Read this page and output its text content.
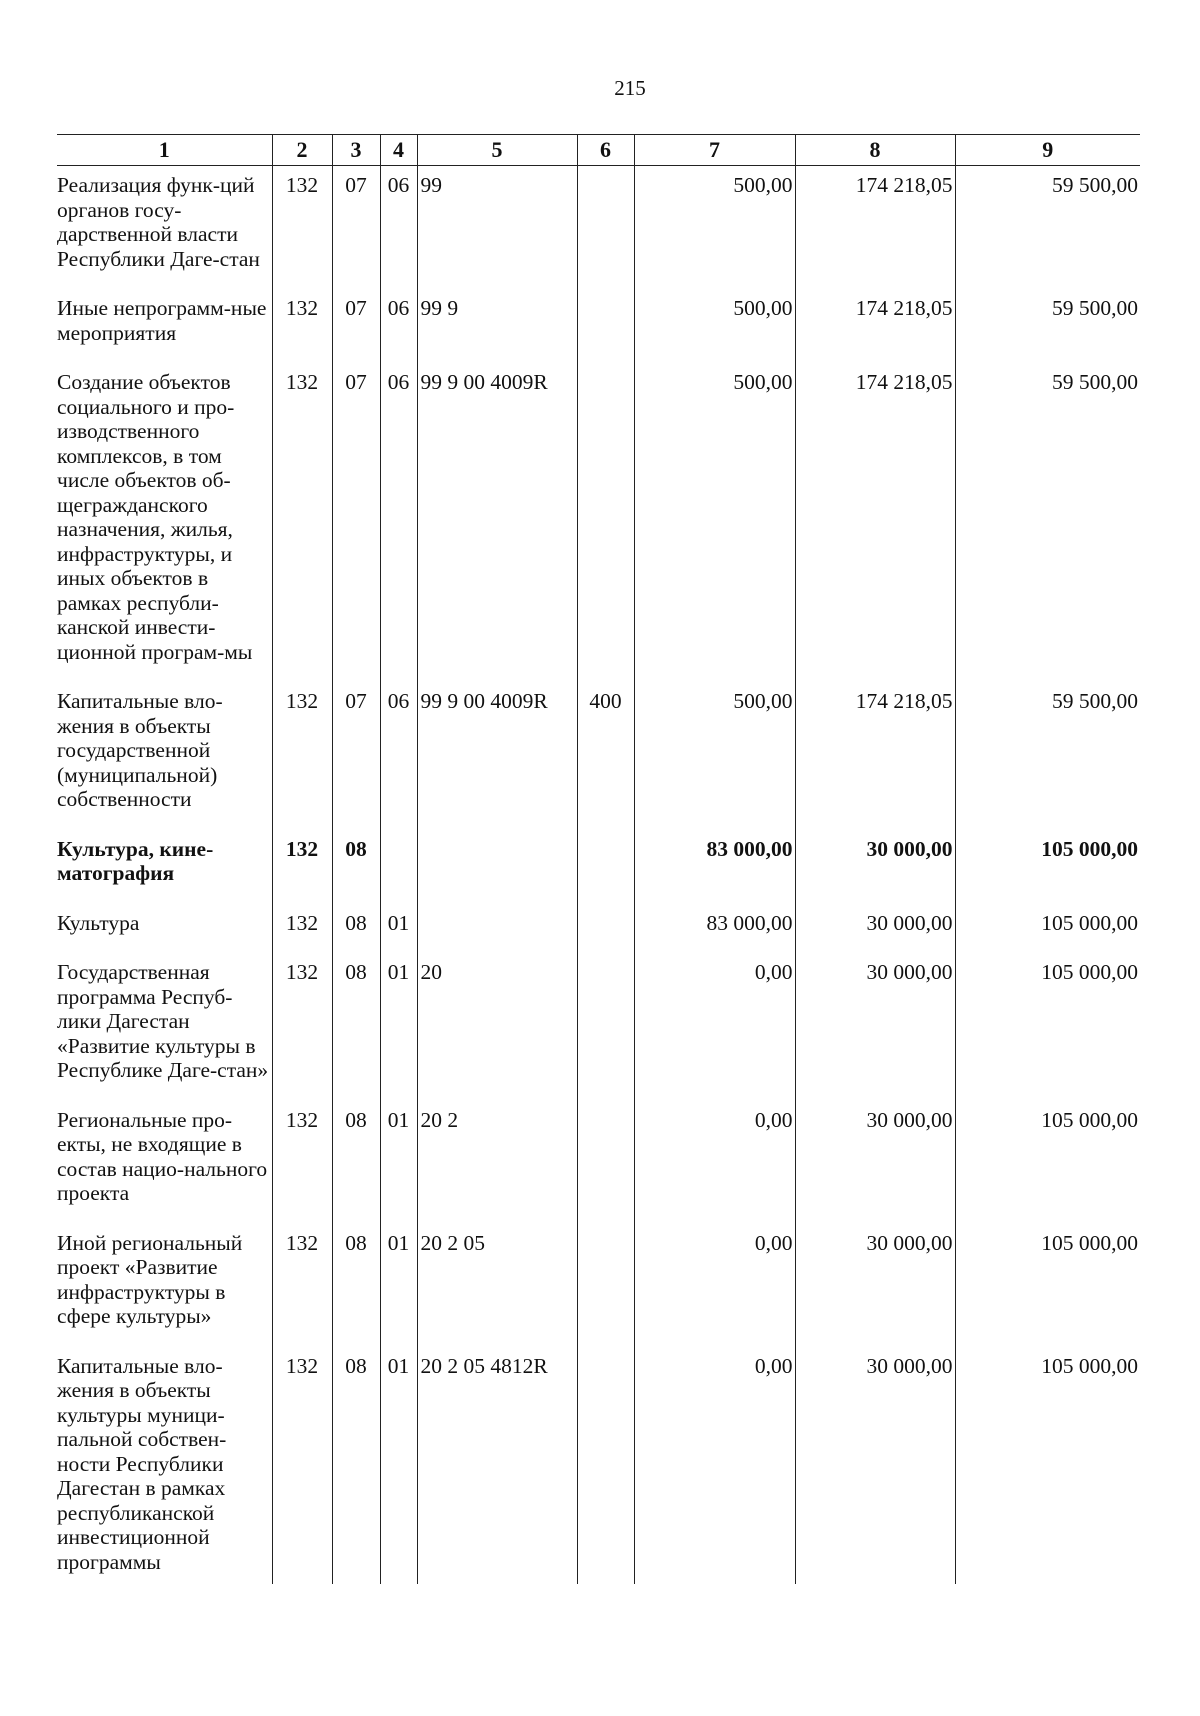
215
1	2	3	4	5	6	7	8	9
Реализация функ-ций органов госу-дарственной власти Республики Даге-стан	132	07	06	99		500,00	174 218,05	59 500,00
Иные непрограмм-ные мероприятия	132	07	06	99 9		500,00	174 218,05	59 500,00
Создание объектов социального и про-изводственного комплексов, в том числе объектов об-щегражданского назначения, жилья, инфраструктуры, и иных объектов в рамках республи-канской инвести-ционной програм-мы	132	07	06	99 9 00 4009R		500,00	174 218,05	59 500,00
Капитальные вло-жения в объекты государственной (муниципальной) собственности	132	07	06	99 9 00 4009R	400	500,00	174 218,05	59 500,00
Культура, кине-матография	132	08				83 000,00	30 000,00	105 000,00
Культура	132	08	01			83 000,00	30 000,00	105 000,00
Государственная программа Респуб-лики Дагестан «Развитие культуры в Республике Даге-стан»	132	08	01	20		0,00	30 000,00	105 000,00
Региональные про-екты, не входящие в состав нацио-нального проекта	132	08	01	20 2		0,00	30 000,00	105 000,00
Иной региональный проект «Развитие инфраструктуры в сфере культуры»	132	08	01	20 2 05		0,00	30 000,00	105 000,00
Капитальные вло-жения в объекты культуры муници-пальной собствен-ности Республики Дагестан в рамках республиканской инвестиционной программы	132	08	01	20 2 05 4812R		0,00	30 000,00	105 000,00
